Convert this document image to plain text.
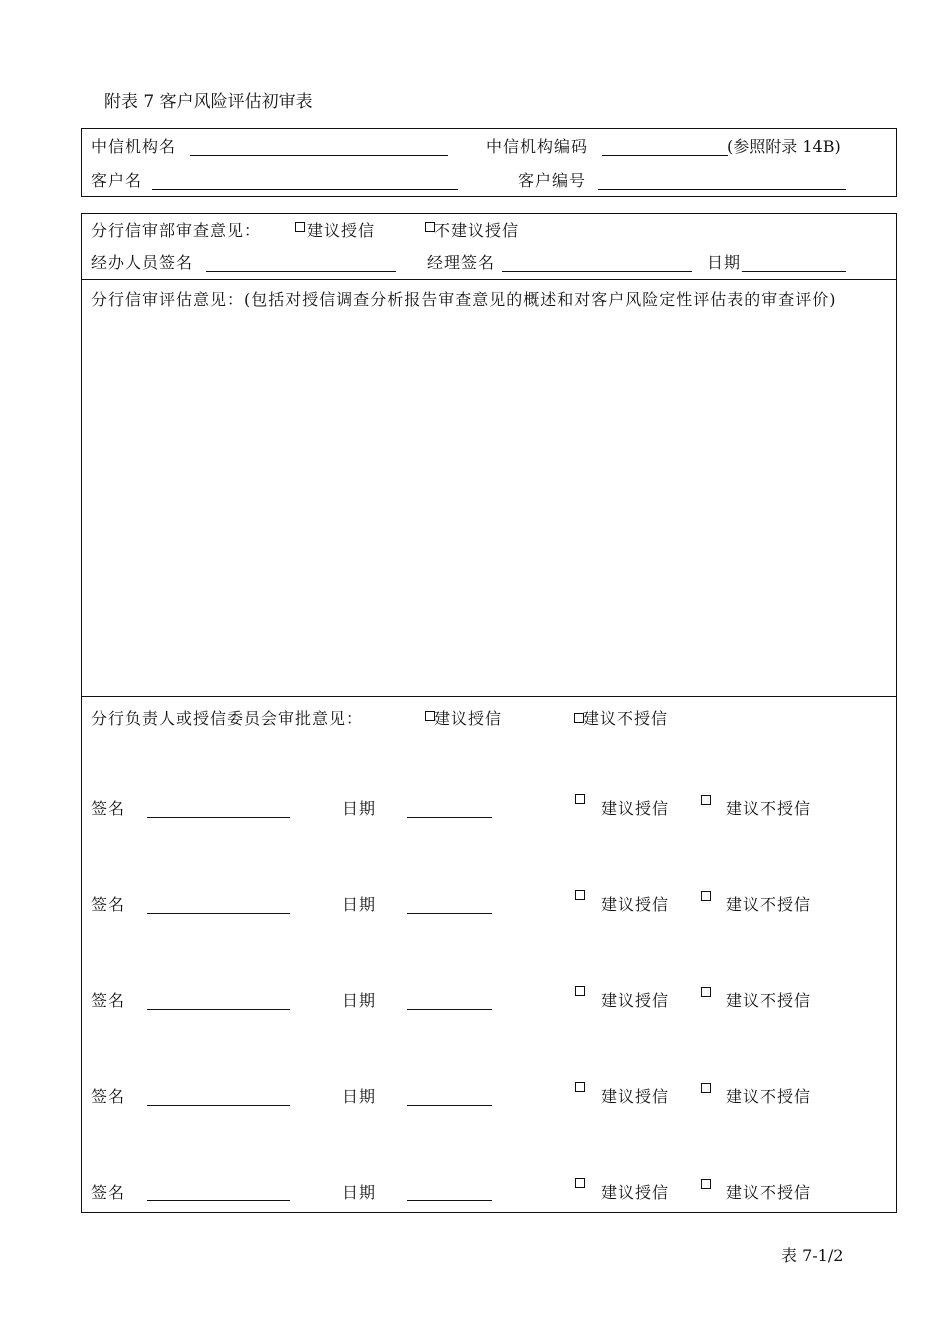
附表 7 客户风险评估初审表
中信机构名	中信机构编码	(参照附录 14B)
客户名	客户编号
分行信审部审查意见：	建议授信	不建议授信
经办人员签名	经理签名	日期
分行信审评估意见：(包括对授信调查分析报告审查意见的概述和对客户风险定性评估表的审查评价)
分行负责人或授信委员会审批意见：	建议授信	建议不授信
签名	日期	建议授信	建议不授信
签名	日期	建议授信	建议不授信
签名	日期	建议授信	建议不授信
签名	日期	建议授信	建议不授信
签名	日期	建议授信	建议不授信
表 7-1/2
